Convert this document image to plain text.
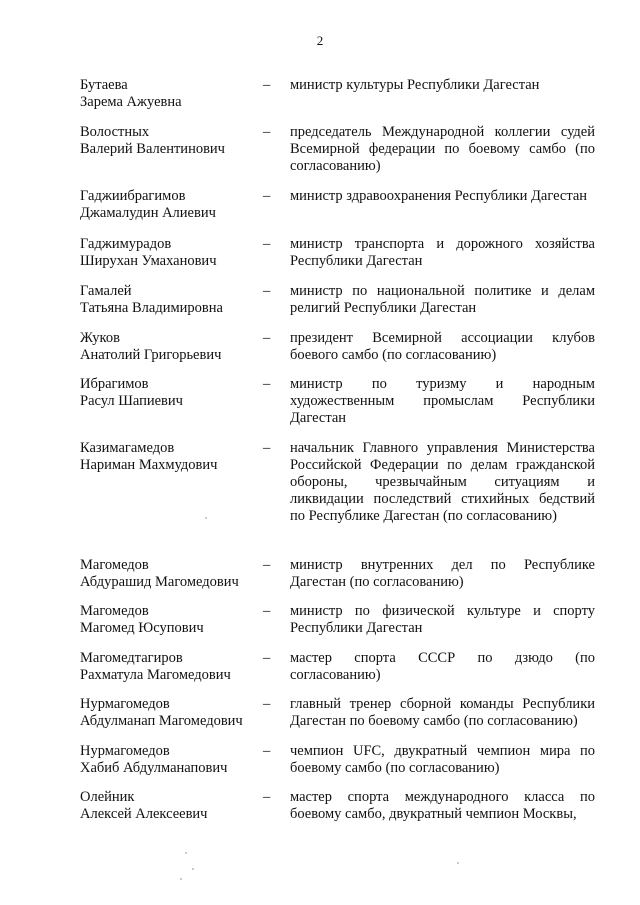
2
Бутаева
Зарема Ажуевна
–	министр культуры Республики Дагестан
Волостных
Валерий Валентинович
–	председатель Международной коллегии судей Всемирной федерации по боевому самбо (по согласованию)
Гаджиибрагимов
Джамалудин Алиевич
–	министр здравоохранения Республики Дагестан
Гаджимурадов
Ширухан Умаханович
–	министр транспорта и дорожного хозяйства Республики Дагестан
Гамалей
Татьяна Владимировна
–	министр по национальной политике и делам религий Республики Дагестан
Жуков
Анатолий Григорьевич
–	президент Всемирной ассоциации клубов боевого самбо (по согласованию)
Ибрагимов
Расул Шапиевич
–	министр по туризму и народным художественным промыслам Республики Дагестан
Казимагамедов
Нариман Махмудович
–	начальник Главного управления Министерства Российской Федерации по делам гражданской обороны, чрезвычайным ситуациям и ликвидации последствий стихийных бедствий по Республике Дагестан (по согласованию)
Магомедов
Абдурашид Магомедович
–	министр внутренних дел по Республике Дагестан (по согласованию)
Магомедов
Магомед Юсупович
–	министр по физической культуре и спорту Республики Дагестан
Магомедтагиров
Рахматула Магомедович
–	мастер спорта СССР по дзюдо (по согласованию)
Нурмагомедов
Абдулманап Магомедович
–	главный тренер сборной команды Республики Дагестан по боевому самбо (по согласованию)
Нурмагомедов
Хабиб Абдулманапович
–	чемпион UFC, двукратный чемпион мира по боевому самбо (по согласованию)
Олейник
Алексей Алексеевич
–	мастер спорта международного класса по боевому самбо, двукратный чемпион Москвы,
